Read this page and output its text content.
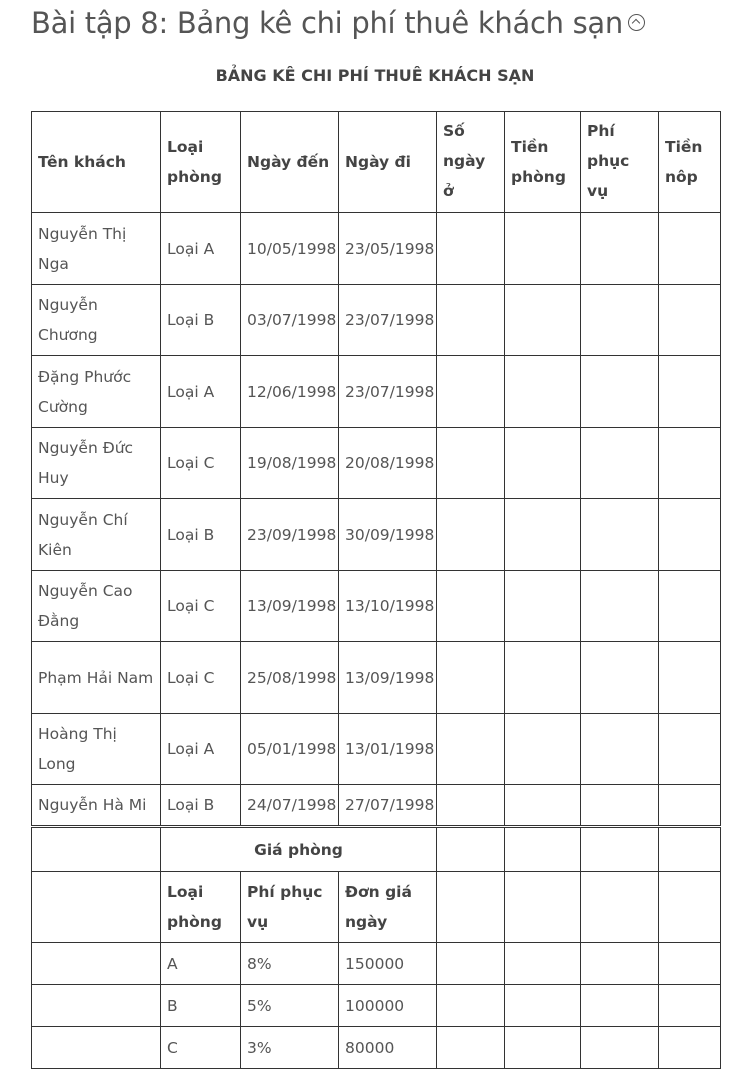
Bài tập 8: Bảng kê chi phí thuê khách sạn
BẢNG KÊ CHI PHÍ THUÊ KHÁCH SẠN
Tên khách	Loại phòng	Ngày đến	Ngày đi	Số ngày ở	Tiền phòng	Phí phục vụ	Tiền nôp
Nguyễn Thị Nga	Loại A	10/05/1998	23/05/1998				
Nguyễn Chương	Loại B	03/07/1998	23/07/1998				
Đặng Phước Cường	Loại A	12/06/1998	23/07/1998				
Nguyễn Đức Huy	Loại C	19/08/1998	20/08/1998				
Nguyễn Chí Kiên	Loại B	23/09/1998	30/09/1998				
Nguyễn Cao Đằng	Loại C	13/09/1998	13/10/1998				
Phạm Hải Nam	Loại C	25/08/1998	13/09/1998				
Hoàng Thị Long	Loại A	05/01/1998	13/01/1998				
Nguyễn Hà Mi	Loại B	24/07/1998	27/07/1998				
	Giá phòng						
	Loại phòng	Phí phục vụ	Đơn giá ngày				
	A	8%	150000				
	B	5%	100000				
	C	3%	80000				
